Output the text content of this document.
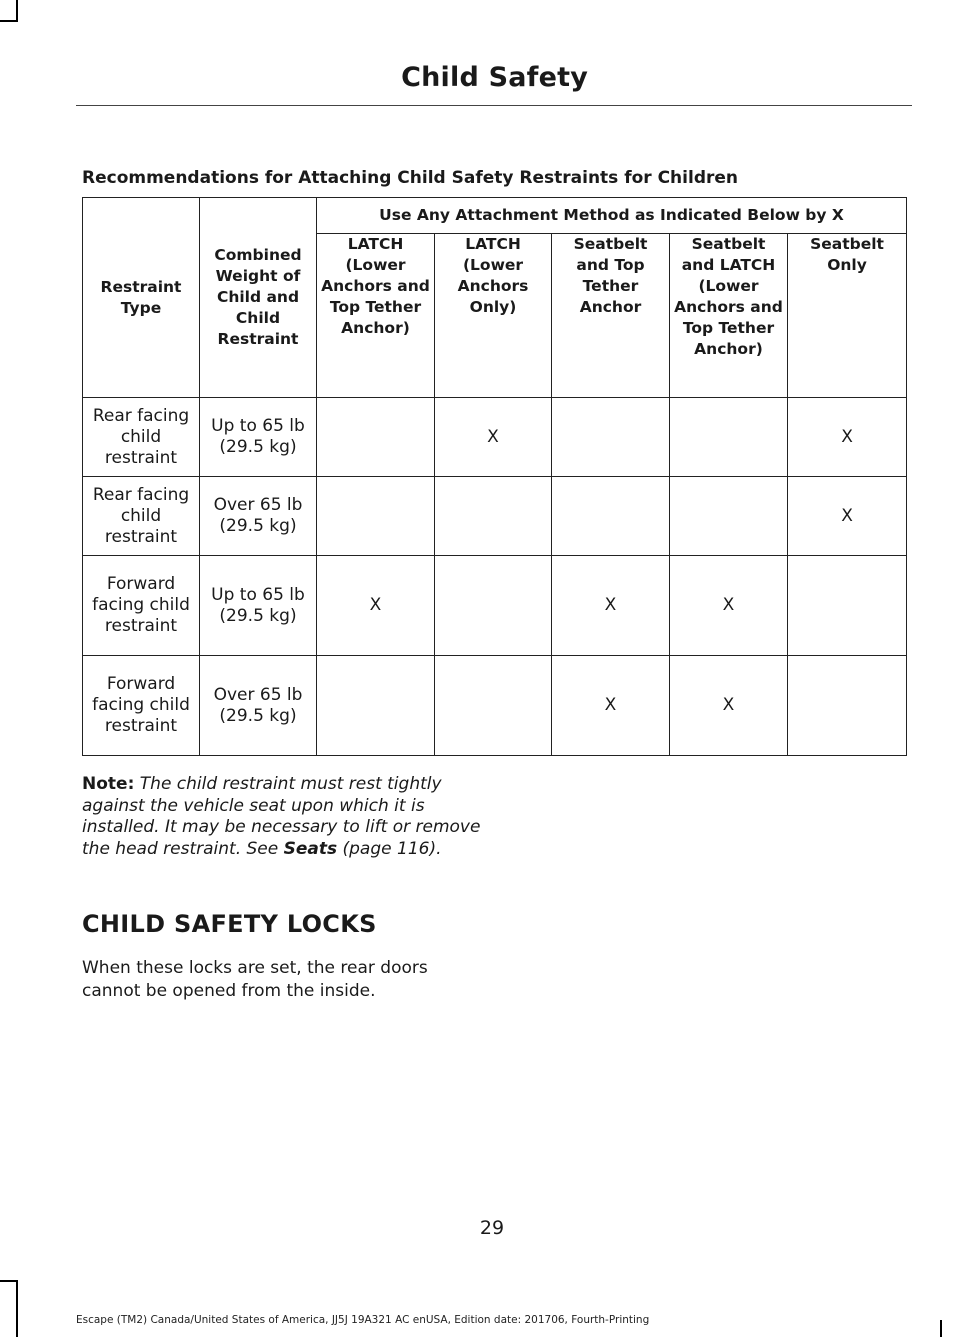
Child Safety
Recommendations for Attaching Child Safety Restraints for Children
Restraint Type	Combined Weight of Child and Child Restraint	Use Any Attachment Method as Indicated Below by X				
		LATCH (Lower Anchors and Top Tether Anchor)	LATCH (Lower Anchors Only)	Seatbelt and Top Tether Anchor	Seatbelt and LATCH (Lower Anchors and Top Tether Anchor)	Seatbelt Only
Rear facing child restraint	Up to 65 lb (29.5 kg)		X			X
Rear facing child restraint	Over 65 lb (29.5 kg)					X
Forward facing child restraint	Up to 65 lb (29.5 kg)	X		X	X	
Forward facing child restraint	Over 65 lb (29.5 kg)			X	X	
Note: The child restraint must rest tightly against the vehicle seat upon which it is installed. It may be necessary to lift or remove the head restraint. See Seats (page 116).
CHILD SAFETY LOCKS
When these locks are set, the rear doors cannot be opened from the inside.
29
Escape (TM2) Canada/United States of America, JJ5J 19A321 AC enUSA, Edition date: 201706, Fourth-Printing
